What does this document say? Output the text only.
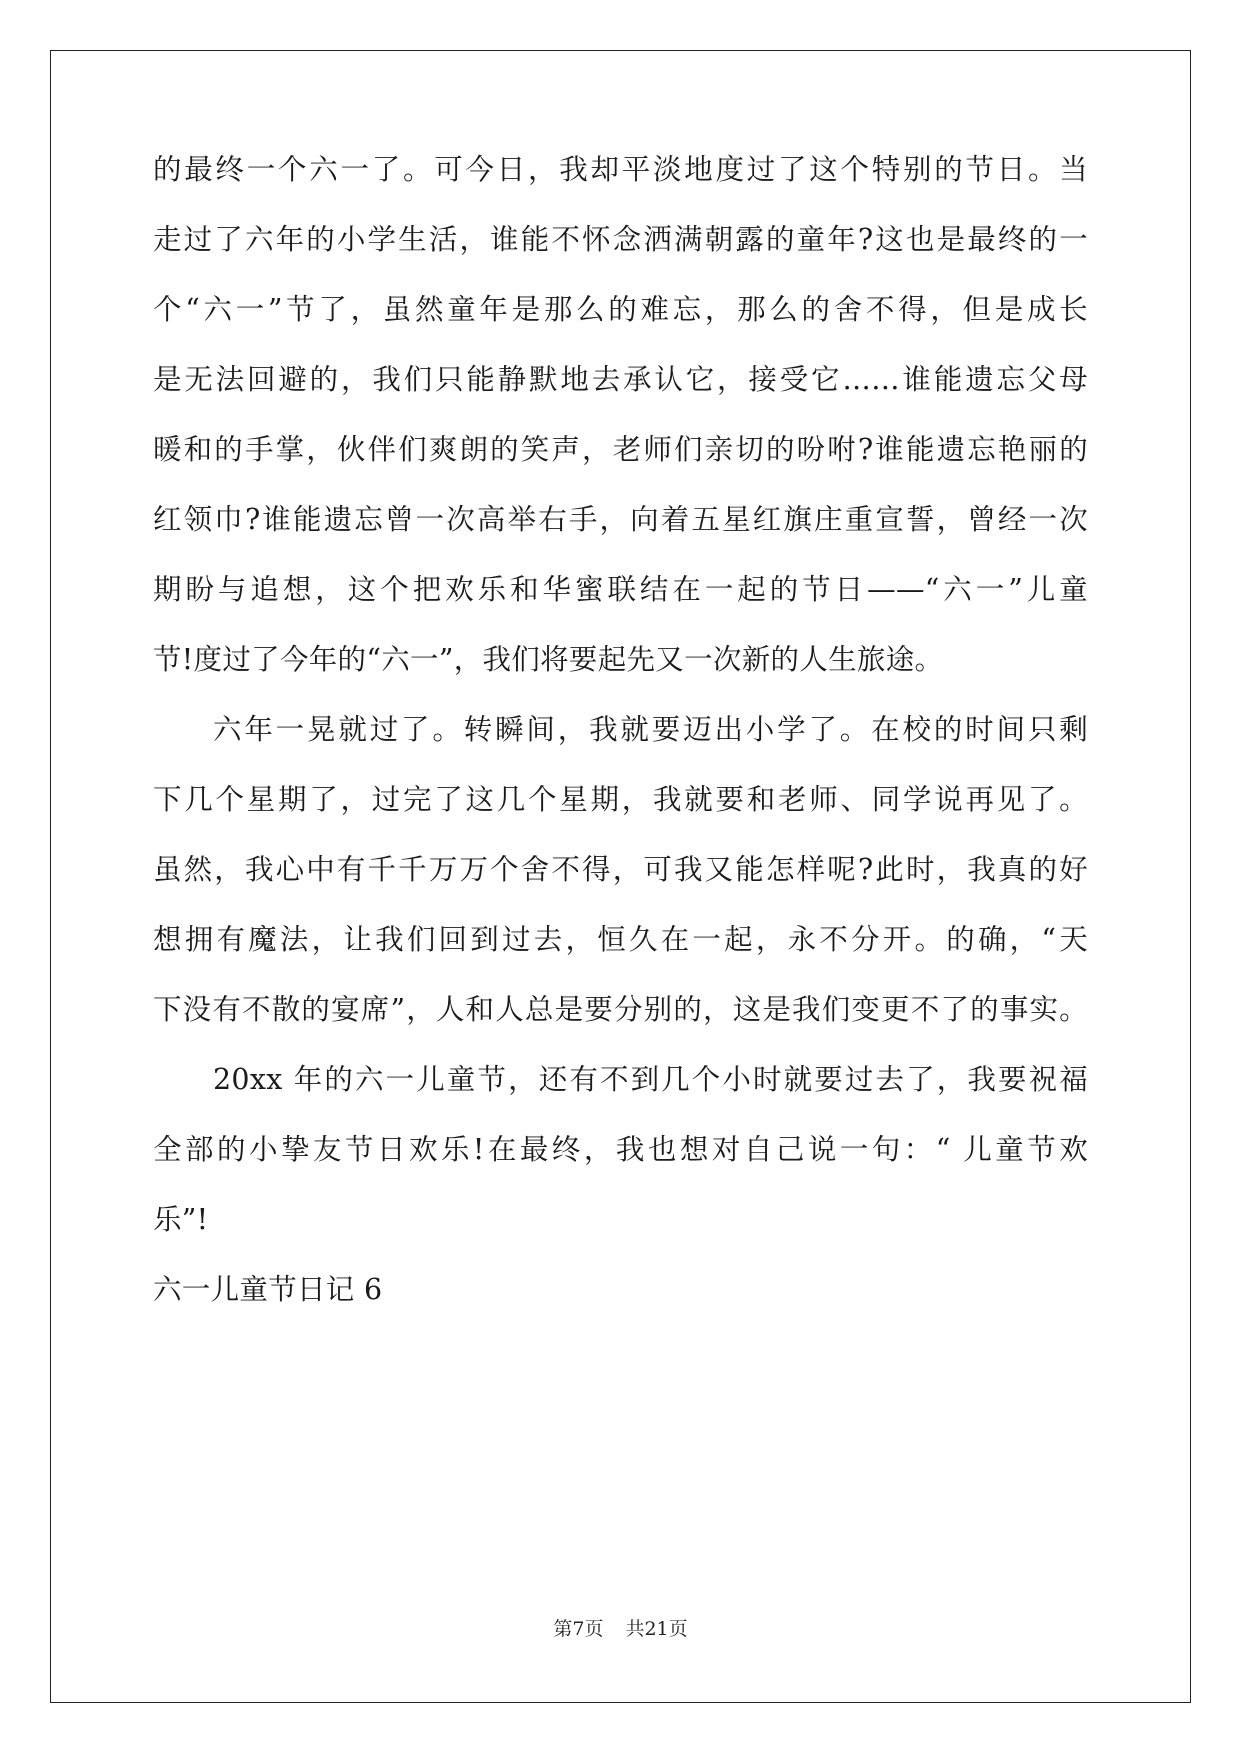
的最终一个六一了。可今日，我却平淡地度过了这个特别的节日。当
走过了六年的小学生活，谁能不怀念洒满朝露的童年?这也是最终的一
个“六一”节了，虽然童年是那么的难忘，那么的舍不得，但是成长
是无法回避的，我们只能静默地去承认它，接受它……谁能遗忘父母
暖和的手掌，伙伴们爽朗的笑声，老师们亲切的吩咐?谁能遗忘艳丽的
红领巾?谁能遗忘曾一次高举右手，向着五星红旗庄重宣誓，曾经一次
期盼与追想，这个把欢乐和华蜜联结在一起的节日——“六一”儿童
节!度过了今年的“六一”，我们将要起先又一次新的人生旅途。
六年一晃就过了。转瞬间，我就要迈出小学了。在校的时间只剩
下几个星期了，过完了这几个星期，我就要和老师、同学说再见了。
虽然，我心中有千千万万个舍不得，可我又能怎样呢?此时，我真的好
想拥有魔法，让我们回到过去，恒久在一起，永不分开。的确，“天
下没有不散的宴席”，人和人总是要分别的，这是我们变更不了的事实。
20xx 年的六一儿童节，还有不到几个小时就要过去了，我要祝福
全部的小挚友节日欢乐!在最终，我也想对自己说一句：“ 儿童节欢
乐”!
六一儿童节日记 6
第7页 共21页
